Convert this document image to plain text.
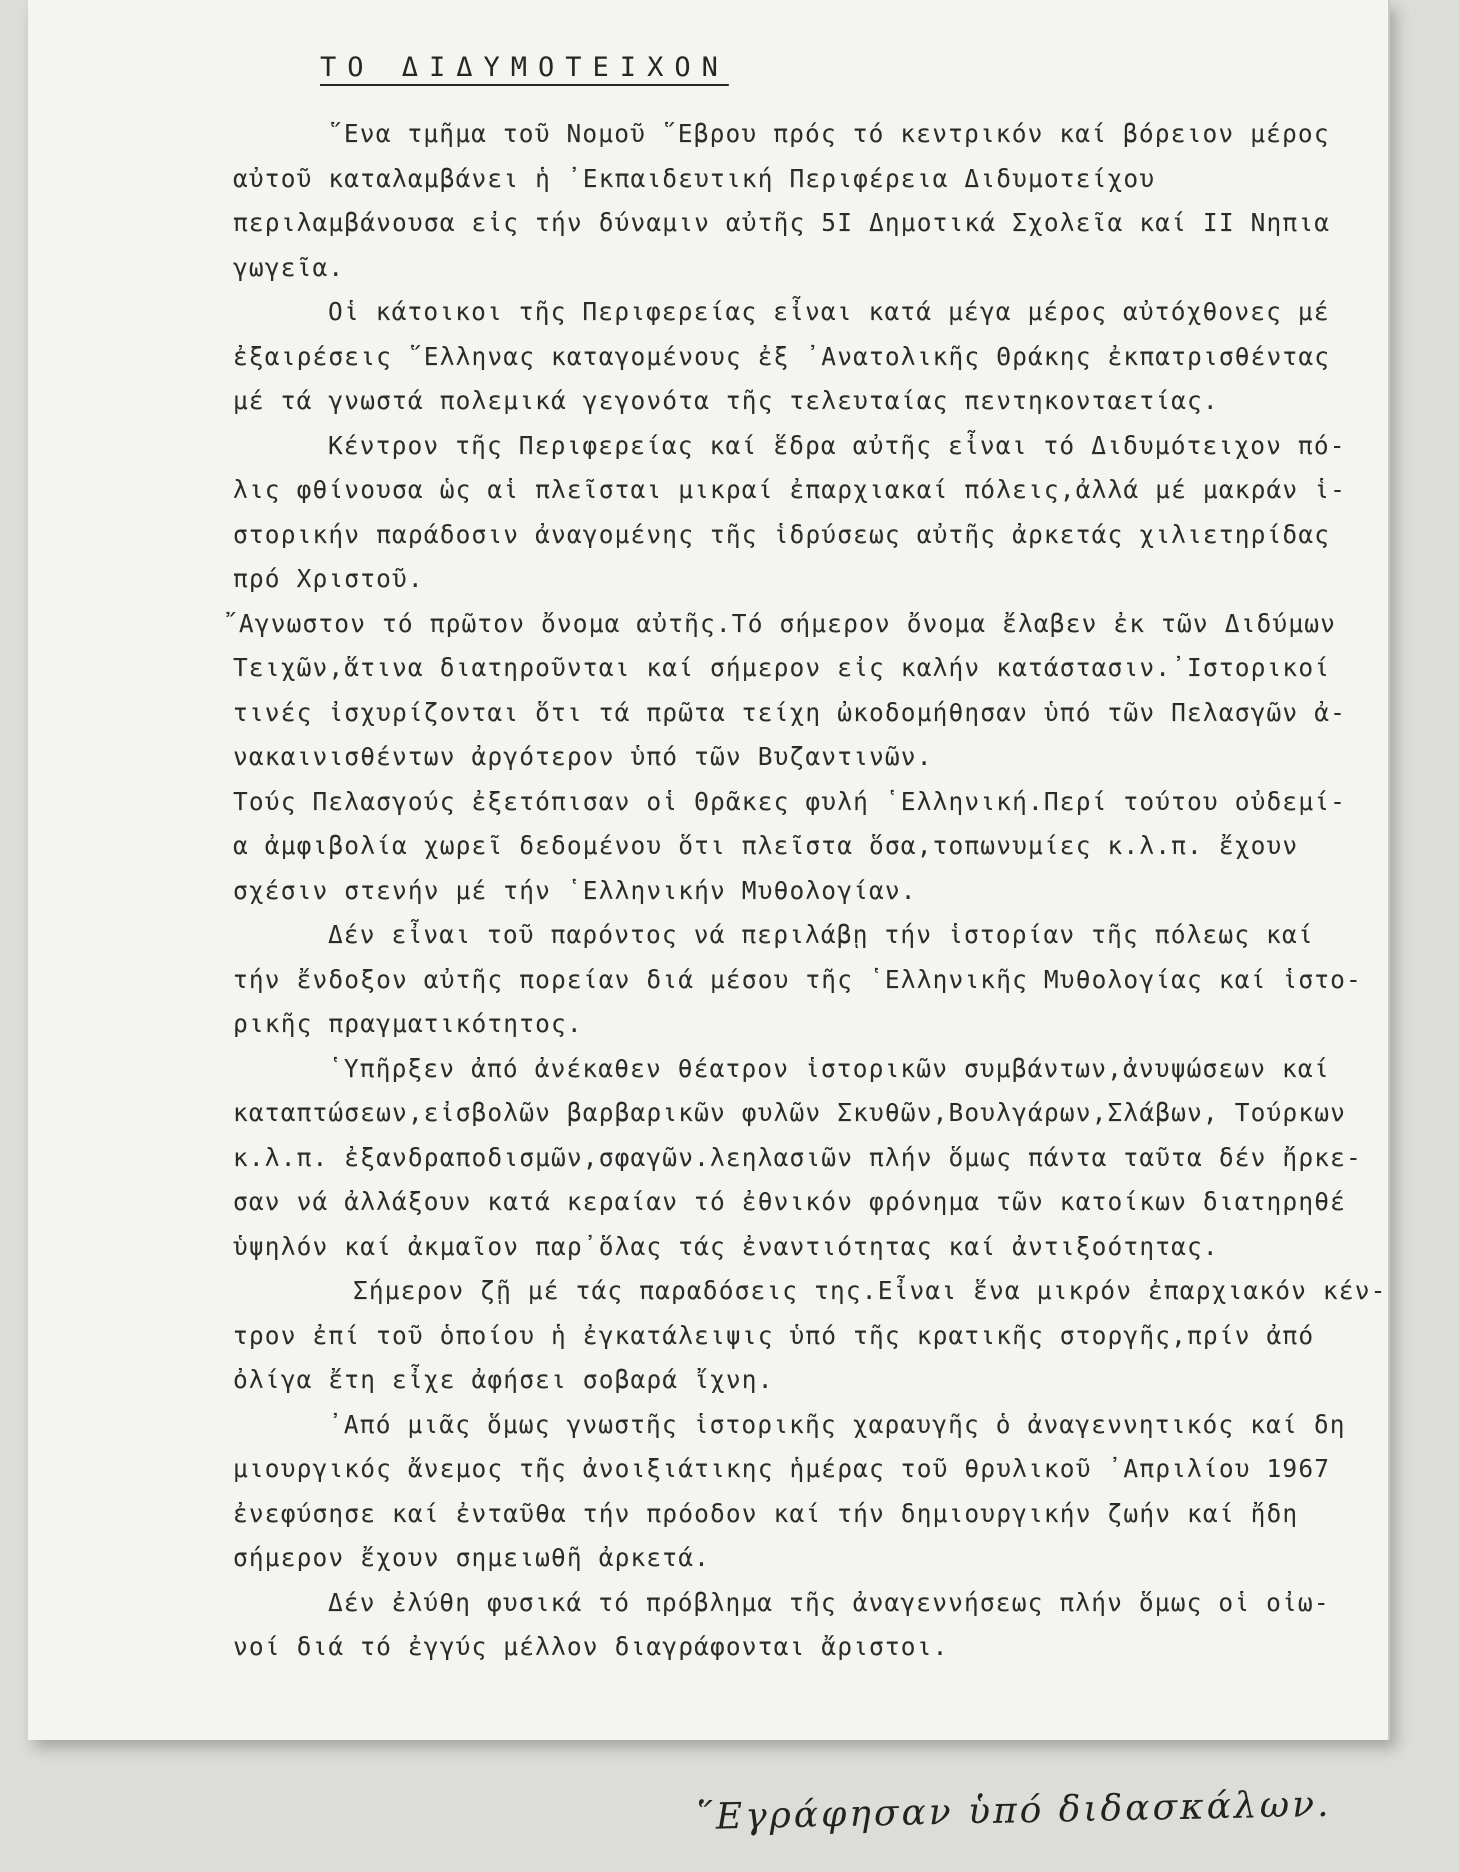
ΤΟ ΔΙΔΥΜΟΤΕΙΧΟΝ
῞Ενα τμῆμα τοῦ Νομοῦ ῞Εβρου πρός τό κεντρικόν καί βόρειον μέρος
αὐτοῦ καταλαμβάνει ἡ ᾽Εκπαιδευτική Περιφέρεια Διδυμοτείχου
περιλαμβάνουσα εἰς τήν δύναμιν αὐτῆς 5Ι Δημοτικά Σχολεῖα καί ΙΙ Νηπια
γωγεῖα.
Οἱ κάτοικοι τῆς Περιφερείας εἶναι κατά μέγα μέρος αὐτόχθονες μέ
ἐξαιρέσεις ῞Ελληνας καταγομένους ἐξ ᾽Ανατολικῆς Θράκης ἐκπατρισθέντας
μέ τά γνωστά πολεμικά γεγονότα τῆς τελευταίας πεντηκονταετίας.
Κέντρον τῆς Περιφερείας καί ἕδρα αὐτῆς εἶναι τό Διδυμότειχον πό-
λις φθίνουσα ὡς αἱ πλεῖσται μικραί ἐπαρχιακαί πόλεις,ἀλλά μέ μακράν ἱ-
στορικήν παράδοσιν ἀναγομένης τῆς ἱδρύσεως αὐτῆς ἀρκετάς χιλιετηρίδας
πρό Χριστοῦ.
῎Αγνωστον τό πρῶτον ὄνομα αὐτῆς.Τό σήμερον ὄνομα ἔλαβεν ἐκ τῶν Διδύμων
Τειχῶν,ἅτινα διατηροῦνται καί σήμερον εἰς καλήν κατάστασιν.᾽Ιστορικοί
τινές ἰσχυρίζονται ὅτι τά πρῶτα τείχη ὠκοδομήθησαν ὑπό τῶν Πελασγῶν ἀ-
νακαινισθέντων ἀργότερον ὑπό τῶν Βυζαντινῶν.
Τούς Πελασγούς ἐξετόπισαν οἱ Θρᾶκες φυλή ῾Ελληνική.Περί τούτου οὐδεμί-
α ἀμφιβολία χωρεῖ δεδομένου ὅτι πλεῖστα ὅσα,τοπωνυμίες κ.λ.π. ἔχουν
σχέσιν στενήν μέ τήν ῾Ελληνικήν Μυθολογίαν.
Δέν εἶναι τοῦ παρόντος νά περιλάβῃ τήν ἱστορίαν τῆς πόλεως καί
τήν ἔνδοξον αὐτῆς πορείαν διά μέσου τῆς ῾Ελληνικῆς Μυθολογίας καί ἱστο-
ρικῆς πραγματικότητος.
῾Υπῆρξεν ἀπό ἀνέκαθεν θέατρον ἱστορικῶν συμβάντων,ἀνυψώσεων καί
καταπτώσεων,εἰσβολῶν βαρβαρικῶν φυλῶν Σκυθῶν,Βουλγάρων,Σλάβων, Τούρκων
κ.λ.π. ἐξανδραποδισμῶν,σφαγῶν.λεηλασιῶν πλήν ὅμως πάντα ταῦτα δέν ἤρκε-
σαν νά ἀλλάξουν κατά κεραίαν τό ἐθνικόν φρόνημα τῶν κατοίκων διατηρηθέ
ὑψηλόν καί ἀκμαῖον παρ᾽ὅλας τάς ἐναντιότητας καί ἀντιξοότητας.
Σήμερον ζῇ μέ τάς παραδόσεις της.Εἶναι ἕνα μικρόν ἐπαρχιακόν κέν-
τρον ἐπί τοῦ ὁποίου ἡ ἐγκατάλειψις ὑπό τῆς κρατικῆς στοργῆς,πρίν ἀπό
ὀλίγα ἔτη εἶχε ἀφήσει σοβαρά ἴχνη.
᾽Από μιᾶς ὅμως γνωστῆς ἱστορικῆς χαραυγῆς ὁ ἀναγεννητικός καί δη
μιουργικός ἄνεμος τῆς ἀνοιξιάτικης ἡμέρας τοῦ θρυλικοῦ ᾽Απριλίου 1967
ἐνεφύσησε καί ἐνταῦθα τήν πρόοδον καί τήν δημιουργικήν ζωήν καί ἤδη
σήμερον ἔχουν σημειωθῆ ἀρκετά.
Δέν ἐλύθη φυσικά τό πρόβλημα τῆς ἀναγεννήσεως πλήν ὅμως οἱ οἰω-
νοί διά τό ἐγγύς μέλλον διαγράφονται ἄριστοι.
῞Εγράφησαν ὑπό διδασκάλων.
